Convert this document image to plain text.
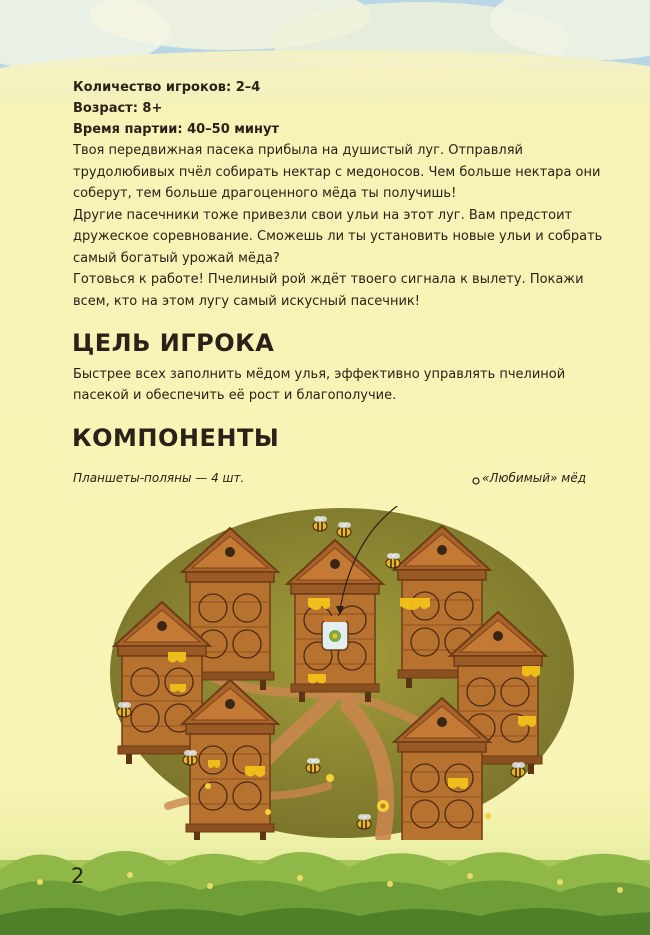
Количество игроков: 2–4
Возраст: 8+
Время партии: 40–50 минут

Твоя передвижная пасека прибыла на душистый луг. Отправляй трудолюбивых пчёл собирать нектар с медоносов. Чем больше нектара они соберут, тем больше драгоценного мёда ты получишь!

Другие пасечники тоже привезли свои ульи на этот луг. Вам предстоит дружеское соревнование. Сможешь ли ты установить новые ульи и собрать самый богатый урожай мёда?

Готовься к работе! Пчелиный рой ждёт твоего сигнала к вылету. Покажи всем, кто на этом лугу самый искусный пасечник!

ЦЕЛЬ ИГРОКА
Быстрее всех заполнить мёдом улья, эффективно управлять пчелиной пасекой и обеспечить её рост и благополучие.
КОМПОНЕНТЫ
Планшеты-поляны — 4 шт.	«Любимый» мёд
2
